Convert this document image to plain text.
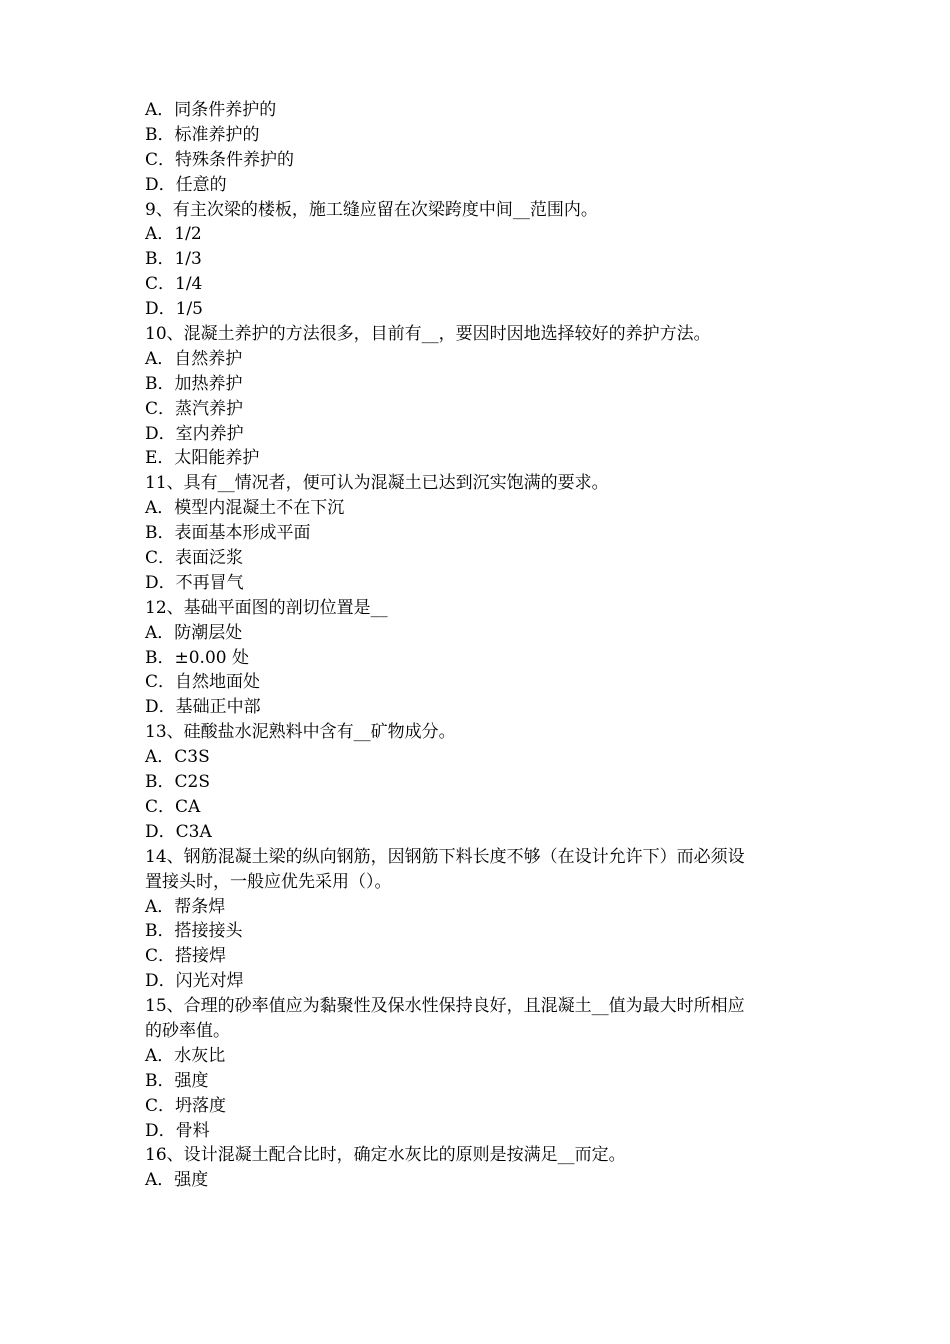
A．同条件养护的
B．标准养护的
C．特殊条件养护的
D．任意的
9、有主次梁的楼板，施工缝应留在次梁跨度中间__范围内。
A．1/2
B．1/3
C．1/4
D．1/5
10、混凝土养护的方法很多，目前有__，要因时因地选择较好的养护方法。
A．自然养护
B．加热养护
C．蒸汽养护
D．室内养护
E．太阳能养护
11、具有__情况者，便可认为混凝土已达到沉实饱满的要求。
A．模型内混凝土不在下沉
B．表面基本形成平面
C．表面泛浆
D．不再冒气
12、基础平面图的剖切位置是__
A．防潮层处
B．±0.00 处
C．自然地面处
D．基础正中部
13、硅酸盐水泥熟料中含有__矿物成分。
A．C3S
B．C2S
C．CA
D．C3A
14、钢筋混凝土梁的纵向钢筋，因钢筋下料长度不够（在设计允许下）而必须设
置接头时，一般应优先采用（）。
A．帮条焊
B．搭接接头
C．搭接焊
D．闪光对焊
15、合理的砂率值应为黏聚性及保水性保持良好，且混凝土__值为最大时所相应
的砂率值。
A．水灰比
B．强度
C．坍落度
D．骨料
16、设计混凝土配合比时，确定水灰比的原则是按满足__而定。
A．强度
